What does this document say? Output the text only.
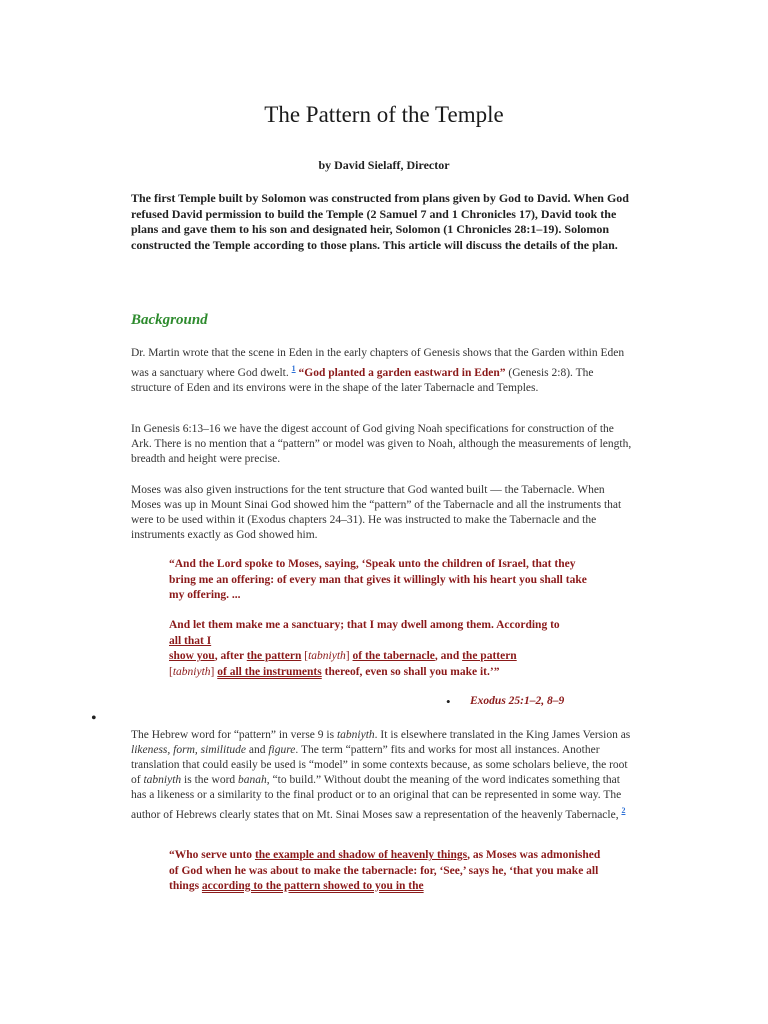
The Pattern of the Temple
by David Sielaff, Director
The first Temple built by Solomon was constructed from plans given by God to David. When God refused David permission to build the Temple (2 Samuel 7 and 1 Chronicles 17), David took the plans and gave them to his son and designated heir, Solomon (1 Chronicles 28:1–19). Solomon constructed the Temple according to those plans. This article will discuss the details of the plan.
Background
Dr. Martin wrote that the scene in Eden in the early chapters of Genesis shows that the Garden within Eden was a sanctuary where God dwelt. $^1$ “God planted a garden eastward in Eden” (Genesis 2:8). The structure of Eden and its environs were in the shape of the later Tabernacle and Temples.
In Genesis 6:13–16 we have the digest account of God giving Noah specifications for construction of the Ark. There is no mention that a “pattern” or model was given to Noah, although the measurements of length, breadth and height were precise.
Moses was also given instructions for the tent structure that God wanted built — the Tabernacle. When Moses was up in Mount Sinai God showed him the “pattern” of the Tabernacle and all the instruments that were to be used within it (Exodus chapters 24–31). He was instructed to make the Tabernacle and the instruments exactly as God showed him.
“And the Lord spoke to Moses, saying, ‘Speak unto the children of Israel, that they bring me an offering: of every man that gives it willingly with his heart you shall take my offering. ...
And let them make me a sanctuary; that I may dwell among them. According to
all that I
show you, after the pattern [tabniyth] of the tabernacle, and the pattern
[tabniyth] of all the instruments thereof, even so shall you make it.’”
• Exodus 25:1–2, 8–9
•
The Hebrew word for “pattern” in verse 9 is tabniyth. It is elsewhere translated in the King James Version as likeness, form, similitude and figure. The term “pattern” fits and works for most all instances. Another translation that could easily be used is “model” in some contexts because, as some scholars believe, the root of tabniyth is the word banah, “to build.” Without doubt the meaning of the word indicates something that has a likeness or a similarity to the final product or to an original that can be represented in some way. The author of Hebrews clearly states that on Mt. Sinai Moses saw a representation of the heavenly Tabernacle, $^2$
“Who serve unto the example and shadow of heavenly things, as Moses was admonished of God when he was about to make the tabernacle: for, ‘See,’ says he, ‘that you make all things according to the pattern showed to you in the
